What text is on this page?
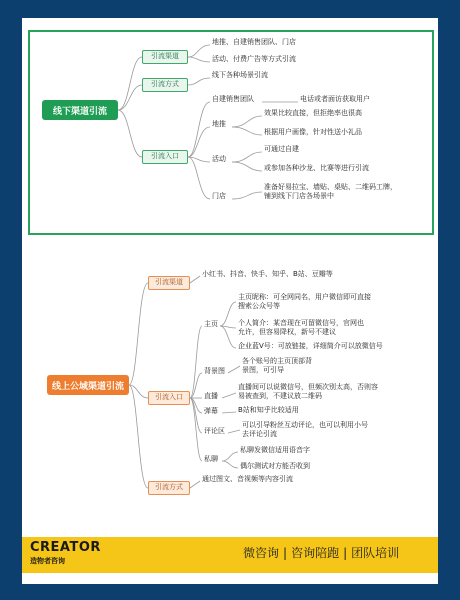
线下渠道引流
引流渠道
地推、自建销售团队、门店
活动、付费广告等方式引流
引流方式
线下各种场景引流
引流入口
自建销售团队	电话或者面访获取用户
地推
效果比较直接，但拒绝率也很高
根据用户画像，针对性送小礼品
活动
可通过自建
或参加各种沙龙、比赛等进行引流
门店
准备好易拉宝、墙贴、桌贴、二维码工牌，
铺到线下门店各场景中
线上公域渠道引流
引流渠道
小红书、抖音、快手、知乎、B站、豆瓣等
引流入口
主页
主页昵称：可全网同名，用户微信即可直接
搜索公众号等
个人简介：某音现在可留微信号，官网也
允许，但容易降权，新号不建议
企业蓝V号：可放链接，详细简介可以放微信号
背景图
各个账号的主页顶部背
景图，可引导
直播
直播间可以说微信号，但频次别太高，否则容
易被查到，不建议放二维码
弹幕	B站和知乎比较适用
评论区
可以引导粉丝互动评论，也可以利用小号
去评论引流
私聊
私聊发微信适用语音字
偶尔测试对方能否收到
引流方式
通过图文、音视频等内容引流
CREATOR
造物者咨询
微咨询 | 咨询陪跑 | 团队培训
